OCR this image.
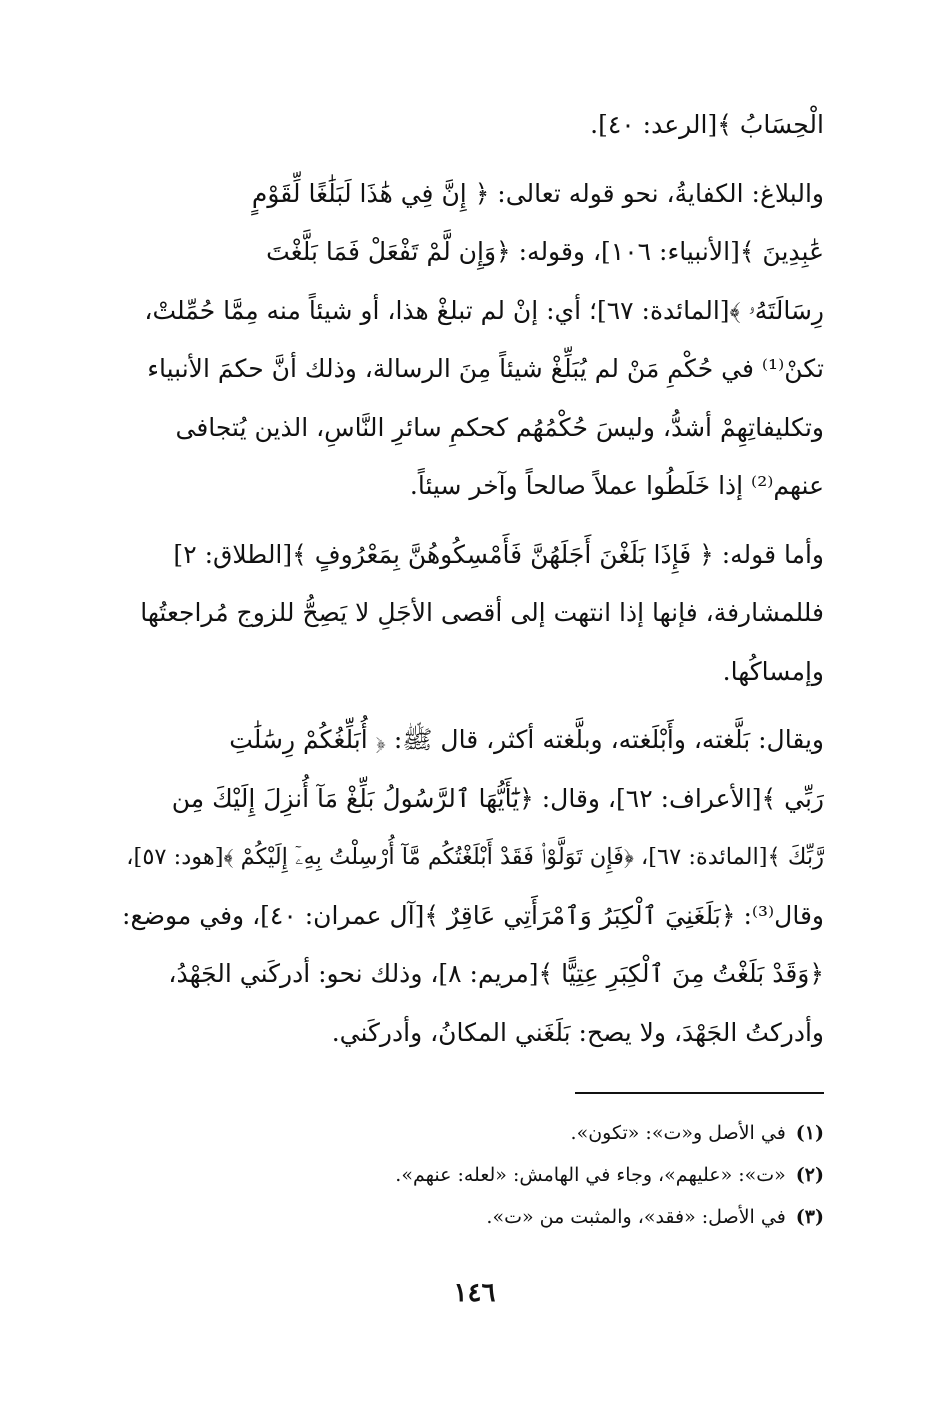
الْحِسَابُ ﴾[الرعد: ٤٠].

والبلاغ: الكفايةُ، نحو قوله تعالى: ﴿ إِنَّ فِي هَٰذَا لَبَلَٰغًا لِّقَوْمٍ
عَٰبِدِينَ ﴾[الأنبياء: ١٠٦]، وقوله: ﴿وَإِن لَّمْ تَفْعَلْ فَمَا بَلَّغْتَ
رِسَالَتَهُۥ ﴾[المائدة: ٦٧]؛ أي: إنْ لم تبلغْ هذا، أو شيئاً منه مِمَّا حُمِّلتْ،
تكنْ⁽¹⁾ في حُكْمِ مَنْ لم يُبَلِّغْ شيئاً مِنَ الرسالة، وذلك أنَّ حكمَ الأنبياء
وتكليفاتِهِمْ أشدُّ، وليسَ حُكْمُهُم كحكمِ سائرِ النَّاسِ، الذين يُتجافى
عنهم⁽²⁾ إذا خَلَطُوا عملاً صالحاً وآخر سيئاً.

وأما قوله: ﴿ فَإِذَا بَلَغْنَ أَجَلَهُنَّ فَأَمْسِكُوهُنَّ بِمَعْرُوفٍ ﴾[الطلاق: ٢]
فللمشارفة، فإنها إذا انتهت إلى أقصى الأجَلِ لا يَصِحُّ للزوج مُراجعتُها
وإمساكُها.

ويقال: بَلَّغته، وأَبْلَغته، وبلَّغته أكثر، قال ﷺ: ﴿ أُبَلِّغُكُمْ رِسَٰلَٰتِ
رَبِّي ﴾[الأعراف: ٦٢]، وقال: ﴿يَٰٓأَيُّهَا ٱلرَّسُولُ بَلِّغْ مَآ أُنزِلَ إِلَيْكَ مِن
رَّبِّكَ ﴾[المائدة: ٦٧]، ﴿فَإِن تَوَلَّوْا۟ فَقَدْ أَبْلَغْتُكُم مَّآ أُرْسِلْتُ بِهِۦٓ إِلَيْكُمْ ﴾[هود: ٥٧]،
وقال⁽³⁾: ﴿بَلَغَنِيَ ٱلْكِبَرُ وَٱمْرَأَتِي عَاقِرٌ ﴾[آل عمران: ٤٠]، وفي موضع:
﴿وَقَدْ بَلَغْتُ مِنَ ٱلْكِبَرِ عِتِيًّا ﴾[مريم: ٨]، وذلك نحو: أدركَني الجَهْدُ،
وأدركتُ الجَهْدَ، ولا يصح: بَلَغَني المكانُ، وأدركَني.

(١)في الأصل و«ت»: «تكون».
(٢)«ت»: «عليهم»، وجاء في الهامش: «لعله: عنهم».
(٣)في الأصل: «فقد»، والمثبت من «ت».
١٤٦
